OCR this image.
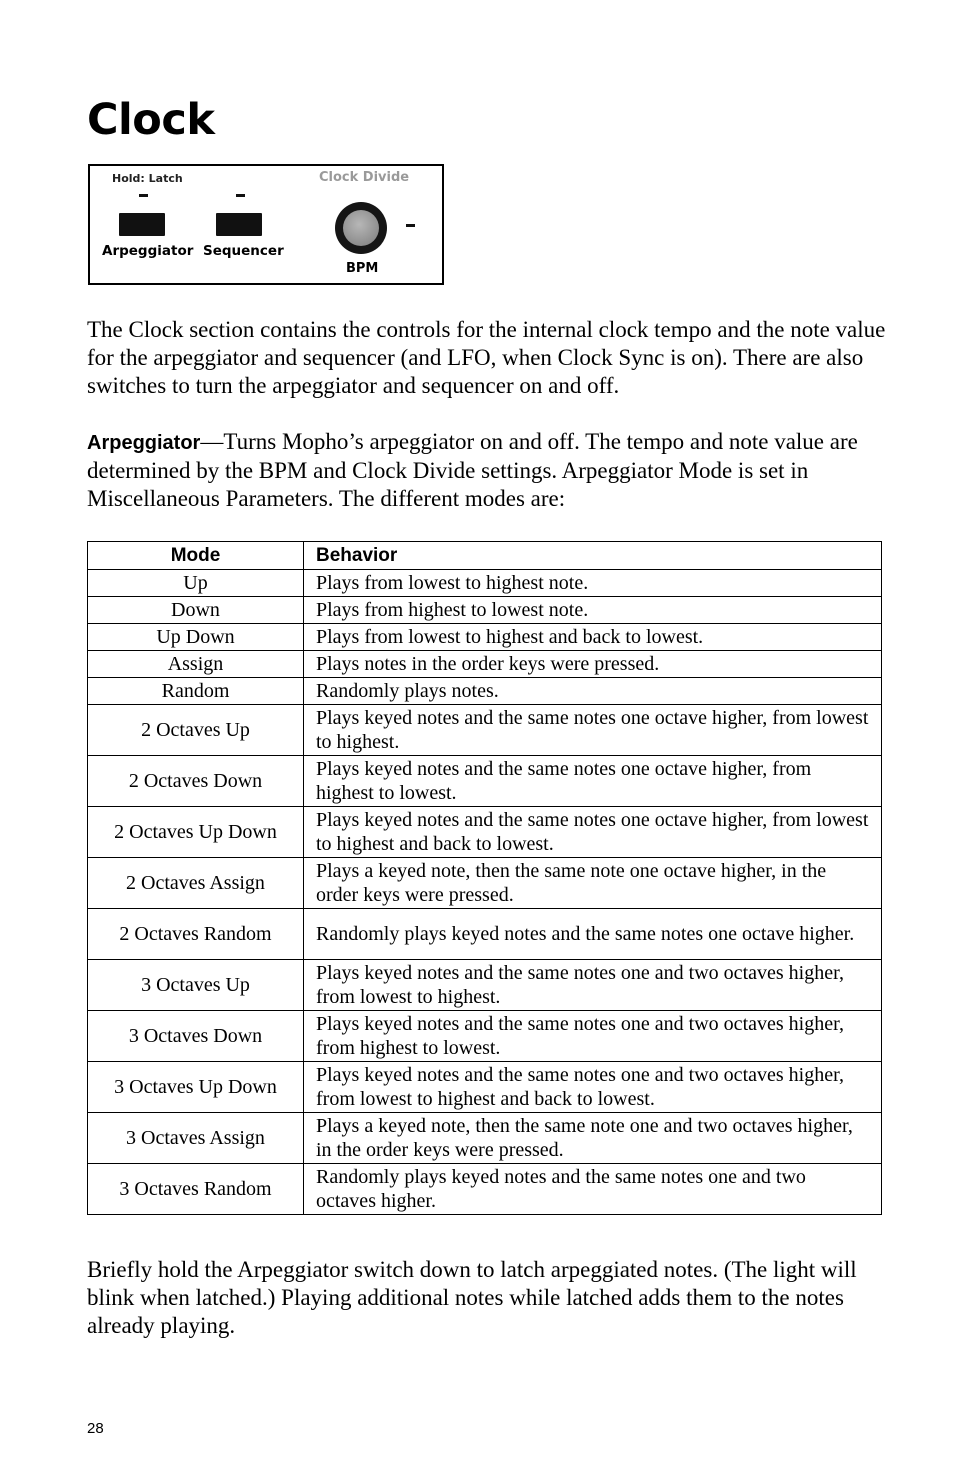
Clock
Hold: Latch
Arpeggiator Sequencer
Clock Divide
BPM

The Clock section contains the controls for the internal clock tempo and the note value for the arpeggiator and sequencer (and LFO, when Clock Sync is on). There are also switches to turn the arpeggiator and sequencer on and off.

Arpeggiator—Turns Mopho’s arpeggiator on and off. The tempo and note value are determined by the BPM and Clock Divide settings. Arpeggiator Mode is set in Miscellaneous Parameters. The different modes are:

Mode	Behavior
Up	Plays from lowest to highest note.
Down	Plays from highest to lowest note.
Up Down	Plays from lowest to highest and back to lowest.
Assign	Plays notes in the order keys were pressed.
Random	Randomly plays notes.
2 Octaves Up	Plays keyed notes and the same notes one octave higher, from lowest to highest.
2 Octaves Down	Plays keyed notes and the same notes one octave higher, from highest to lowest.
2 Octaves Up Down	Plays keyed notes and the same notes one octave higher, from lowest to highest and back to lowest.
2 Octaves Assign	Plays a keyed note, then the same note one octave higher, in the order keys were pressed.
2 Octaves Random	Randomly plays keyed notes and the same notes one octave higher.
3 Octaves Up	Plays keyed notes and the same notes one and two octaves higher, from lowest to highest.
3 Octaves Down	Plays keyed notes and the same notes one and two octaves higher, from highest to lowest.
3 Octaves Up Down	Plays keyed notes and the same notes one and two octaves higher, from lowest to highest and back to lowest.
3 Octaves Assign	Plays a keyed note, then the same note one and two octaves higher, in the order keys were pressed.
3 Octaves Random	Randomly plays keyed notes and the same notes one and two octaves higher.

Briefly hold the Arpeggiator switch down to latch arpeggiated notes. (The light will blink when latched.) Playing additional notes while latched adds them to the notes already playing.

28
